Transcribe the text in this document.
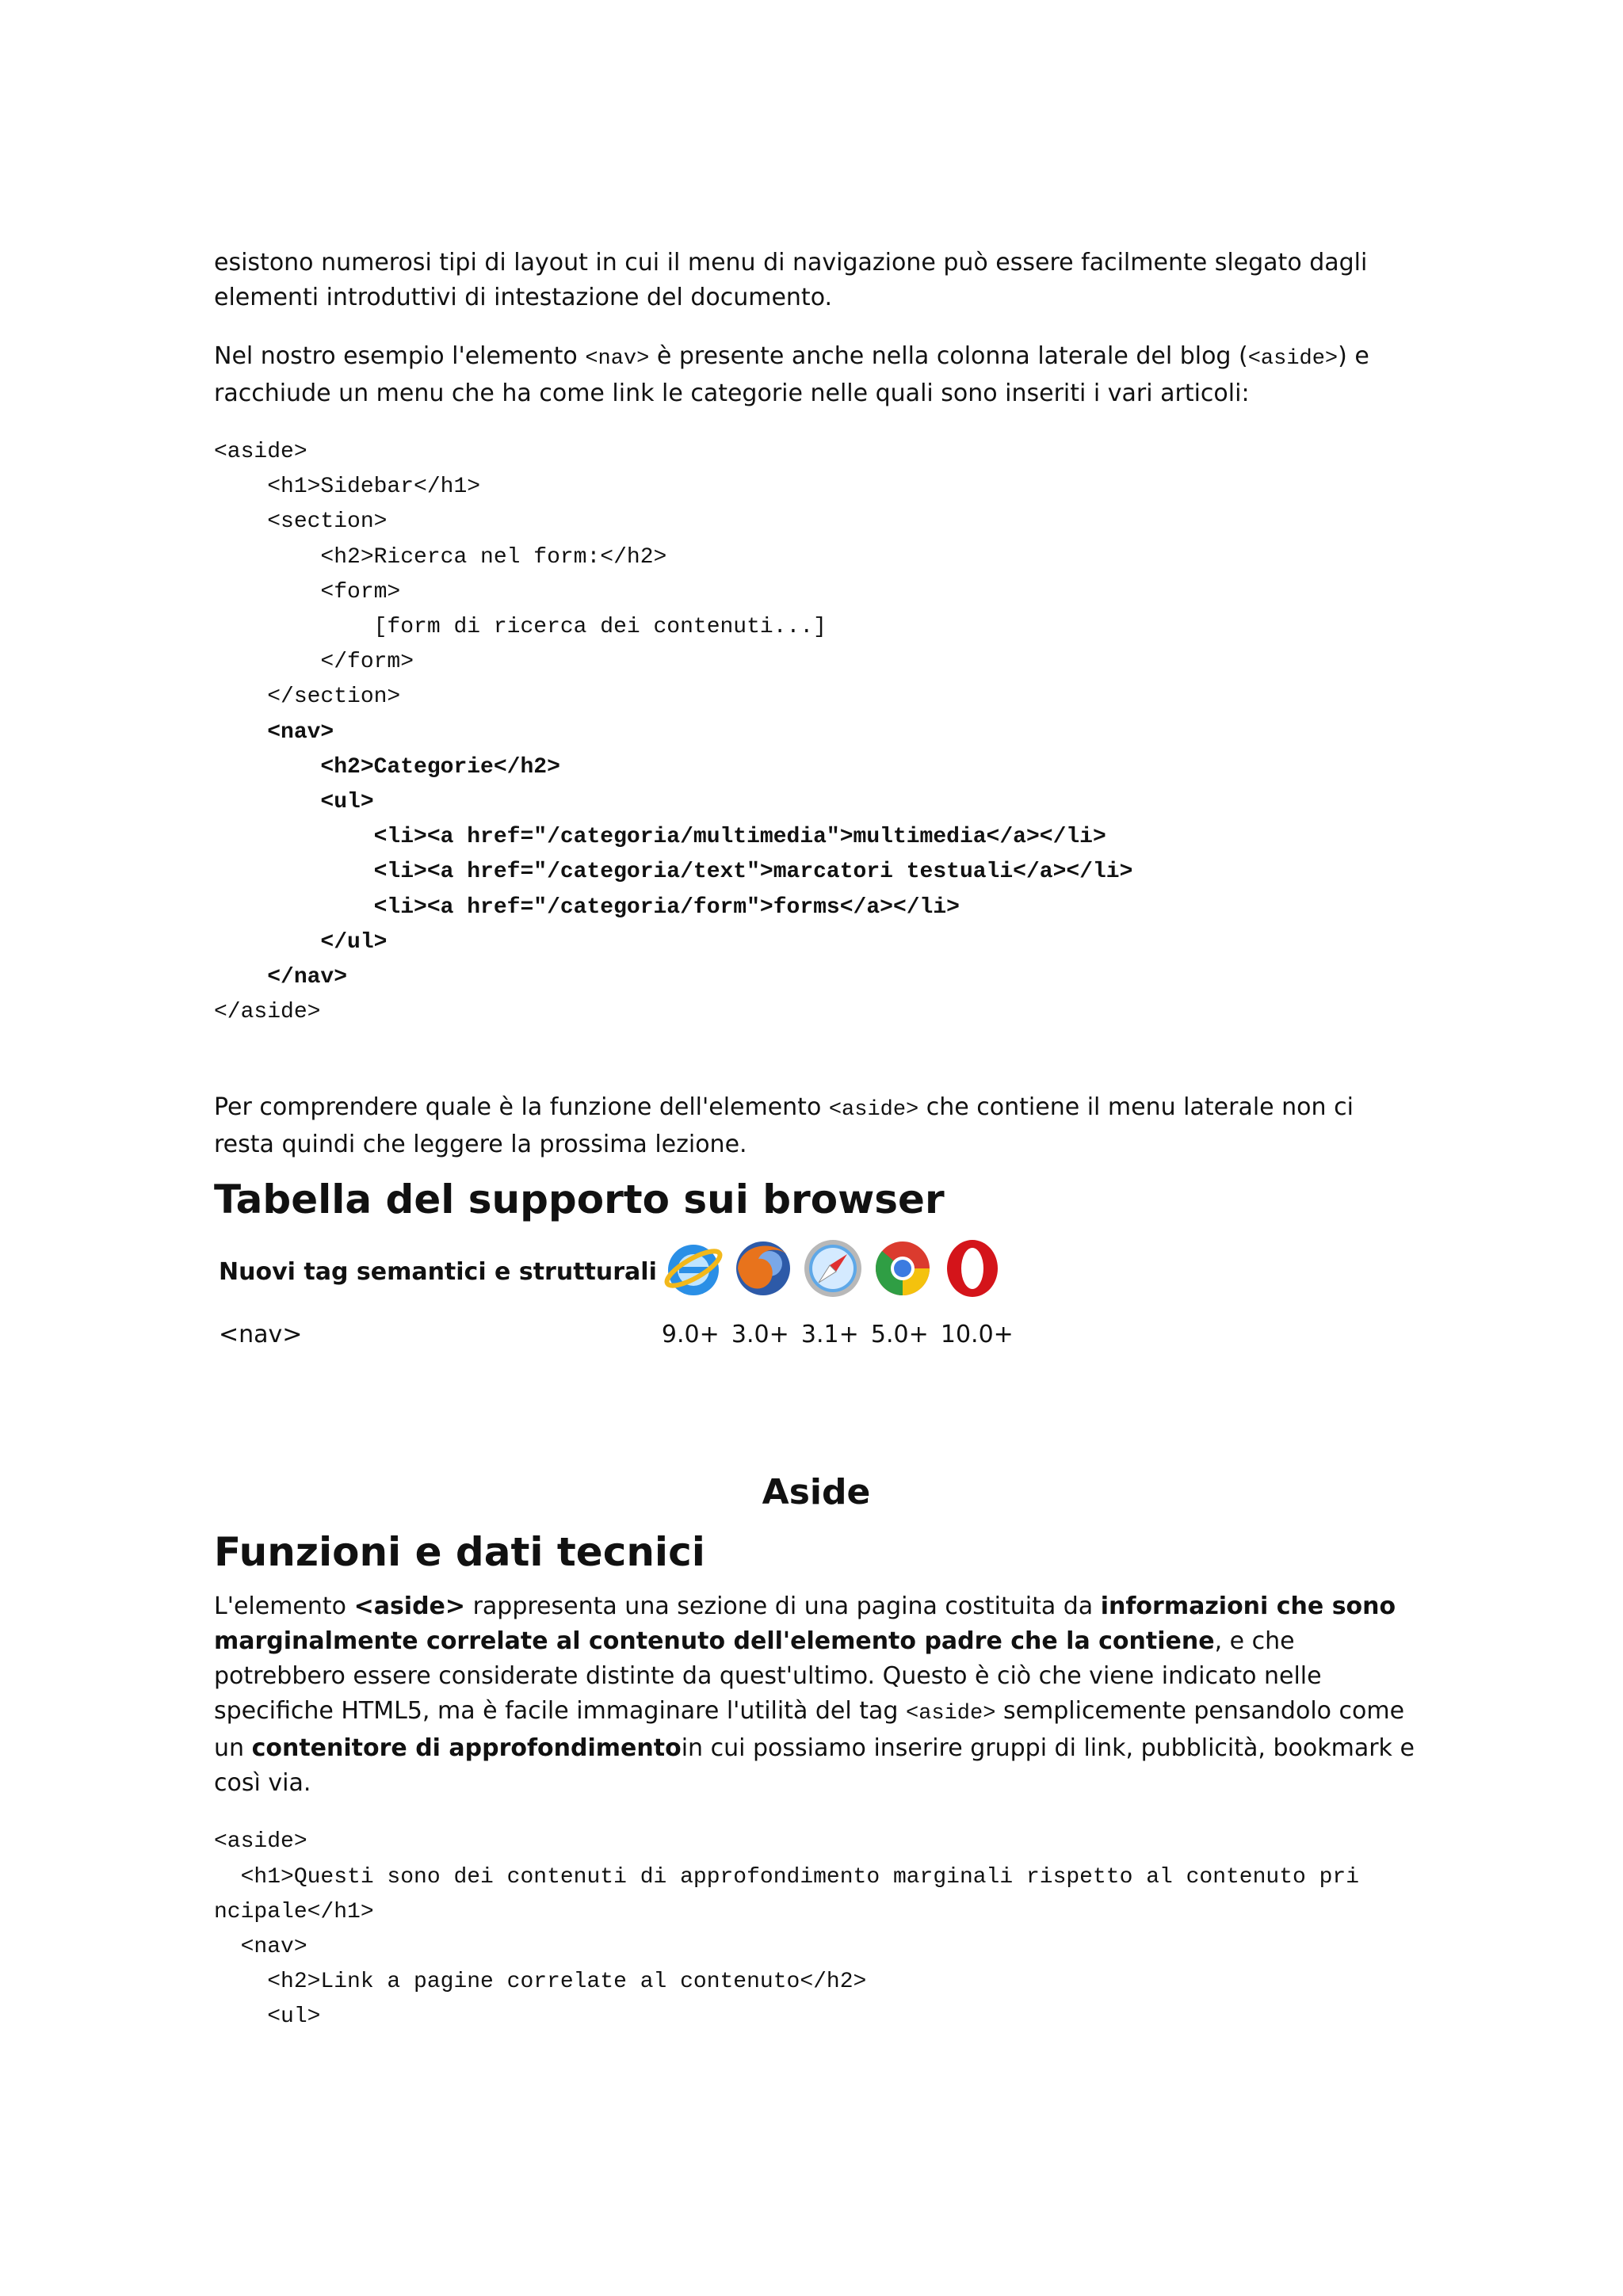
esistono numerosi tipi di layout in cui il menu di navigazione può essere facilmente slegato dagli elementi introduttivi di intestazione del documento.

Nel nostro esempio l'elemento <nav> è presente anche nella colonna laterale del blog (<aside>) e racchiude un menu che ha come link le categorie nelle quali sono inseriti i vari articoli:

<aside>
<h1>Sidebar</h1>
<section>
<h2>Ricerca nel form:</h2>
<form>
[form di ricerca dei contenuti...]
</form>
</section>
<nav>
<h2>Categorie</h2>
<ul>
<li><a href="/categoria/multimedia">multimedia</a></li>
<li><a href="/categoria/text">marcatori testuali</a></li>
<li><a href="/categoria/form">forms</a></li>
</ul>
</nav>
</aside>

Per comprendere quale è la funzione dell'elemento <aside> che contiene il menu laterale non ci resta quindi che leggere la prossima lezione.

Tabella del supporto sui browser
Nuovi tag semantici e strutturali	
<nav>	9.0+ 3.0+ 3.1+ 5.0+ 10.0+
Aside
Funzioni e dati tecnici

L'elemento <aside> rappresenta una sezione di una pagina costituita da informazioni che sono marginalmente correlate al contenuto dell'elemento padre che la contiene, e che potrebbero essere considerate distinte da quest'ultimo. Questo è ciò che viene indicato nelle specifiche HTML5, ma è facile immaginare l'utilità del tag <aside> semplicemente pensandolo come un contenitore di approfondimentoin cui possiamo inserire gruppi di link, pubblicità, bookmark e così via.

<aside>
<h1>Questi sono dei contenuti di approfondimento marginali rispetto al contenuto pri
ncipale</h1>
<nav>
<h2>Link a pagine correlate al contenuto</h2>
<ul>
